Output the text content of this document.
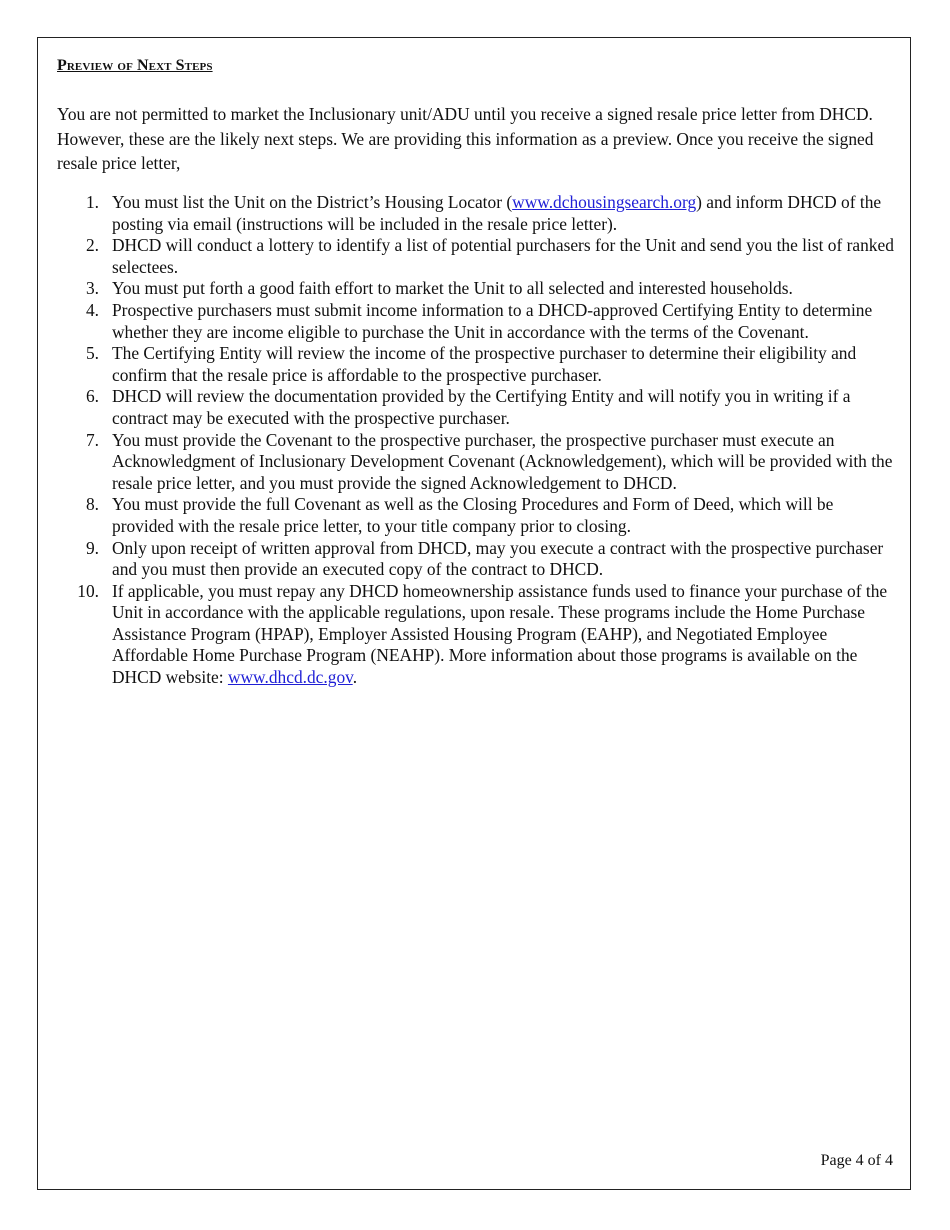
Preview of Next Steps

You are not permitted to market the Inclusionary unit/ADU until you receive a signed resale price letter from DHCD. However, these are the likely next steps. We are providing this information as a preview. Once you receive the signed resale price letter,

1. You must list the Unit on the District’s Housing Locator (www.dchousingsearch.org) and inform DHCD of the posting via email (instructions will be included in the resale price letter).
2. DHCD will conduct a lottery to identify a list of potential purchasers for the Unit and send you the list of ranked selectees.
3. You must put forth a good faith effort to market the Unit to all selected and interested households.
4. Prospective purchasers must submit income information to a DHCD-approved Certifying Entity to determine whether they are income eligible to purchase the Unit in accordance with the terms of the Covenant.
5. The Certifying Entity will review the income of the prospective purchaser to determine their eligibility and confirm that the resale price is affordable to the prospective purchaser.
6. DHCD will review the documentation provided by the Certifying Entity and will notify you in writing if a contract may be executed with the prospective purchaser.
7. You must provide the Covenant to the prospective purchaser, the prospective purchaser must execute an Acknowledgment of Inclusionary Development Covenant (Acknowledgement), which will be provided with the resale price letter, and you must provide the signed Acknowledgement to DHCD.
8. You must provide the full Covenant as well as the Closing Procedures and Form of Deed, which will be provided with the resale price letter, to your title company prior to closing.
9. Only upon receipt of written approval from DHCD, may you execute a contract with the prospective purchaser and you must then provide an executed copy of the contract to DHCD.
10. If applicable, you must repay any DHCD homeownership assistance funds used to finance your purchase of the Unit in accordance with the applicable regulations, upon resale. These programs include the Home Purchase Assistance Program (HPAP), Employer Assisted Housing Program (EAHP), and Negotiated Employee Affordable Home Purchase Program (NEAHP). More information about those programs is available on the DHCD website: www.dhcd.dc.gov.

Page 4 of 4
